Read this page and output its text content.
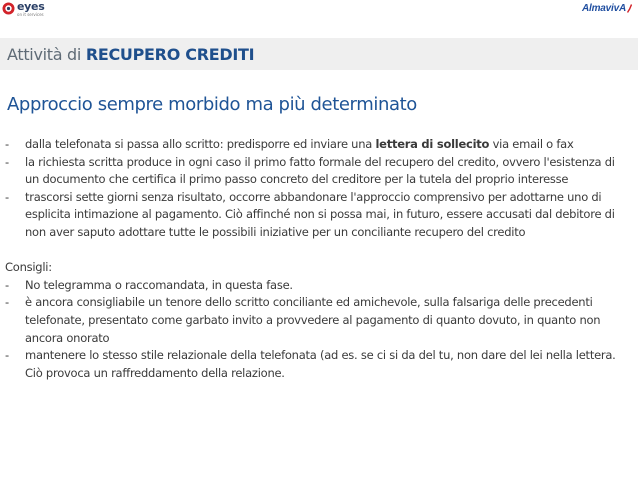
eyes
on it services
AlmavivA
Attività di RECUPERO CREDITI
Approccio sempre morbido ma più determinato
- dalla telefonata si passa allo scritto: predisporre ed inviare una lettera di sollecito via email o fax
- la richiesta scritta produce in ogni caso il primo fatto formale del recupero del credito, ovvero l'esistenza di un documento che certifica il primo passo concreto del creditore per la tutela del proprio interesse
- trascorsi sette giorni senza risultato, occorre abbandonare l'approccio comprensivo per adottarne uno di esplicita intimazione al pagamento. Ciò affinché non si possa mai, in futuro, essere accusati dal debitore di non aver saputo adottare tutte le possibili iniziative per un conciliante recupero del credito
Consigli:
- No telegramma o raccomandata, in questa fase.
- è ancora consigliabile un tenore dello scritto conciliante ed amichevole, sulla falsariga delle precedenti telefonate, presentato come garbato invito a provvedere al pagamento di quanto dovuto, in quanto non ancora onorato
- mantenere lo stesso stile relazionale della telefonata (ad es. se ci si da del tu, non dare del lei nella lettera. Ciò provoca un raffreddamento della relazione.
